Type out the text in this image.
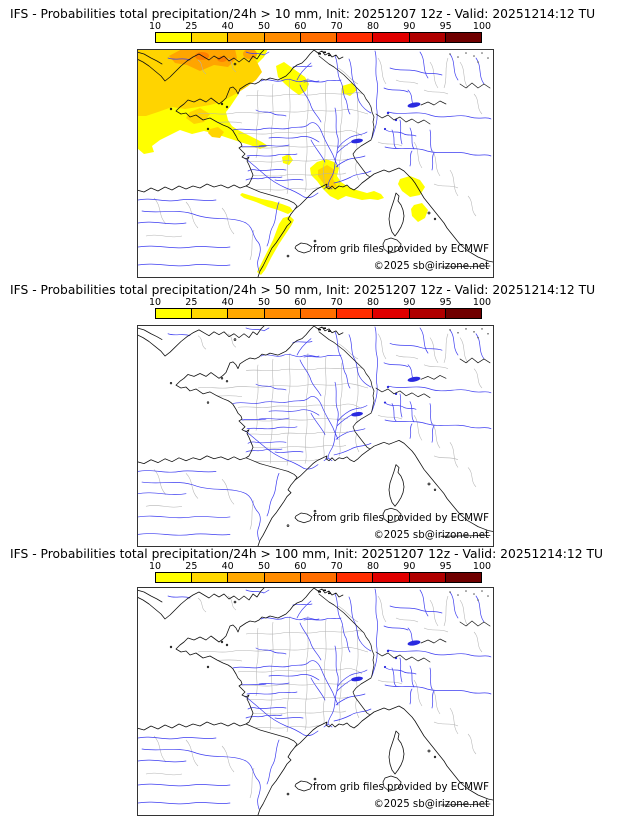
IFS - Probabilities total precipitation/24h > 10 mm, Init: 20251207 12z - Valid: 20251214:12 TU
10	25	40	50	60	70	80	90	95 100
from grib files provided by ECMWF
©2025 sb@irizone.net
IFS - Probabilities total precipitation/24h > 50 mm, Init: 20251207 12z - Valid: 20251214:12 TU
10	25	40	50	60	70	80	90	95 100
from grib files provided by ECMWF
©2025 sb@irizone.net
IFS - Probabilities total precipitation/24h > 100 mm, Init: 20251207 12z - Valid: 20251214:12 TU
10	25	40	50	60	70	80	90	95 100
from grib files provided by ECMWF
©2025 sb@irizone.net
